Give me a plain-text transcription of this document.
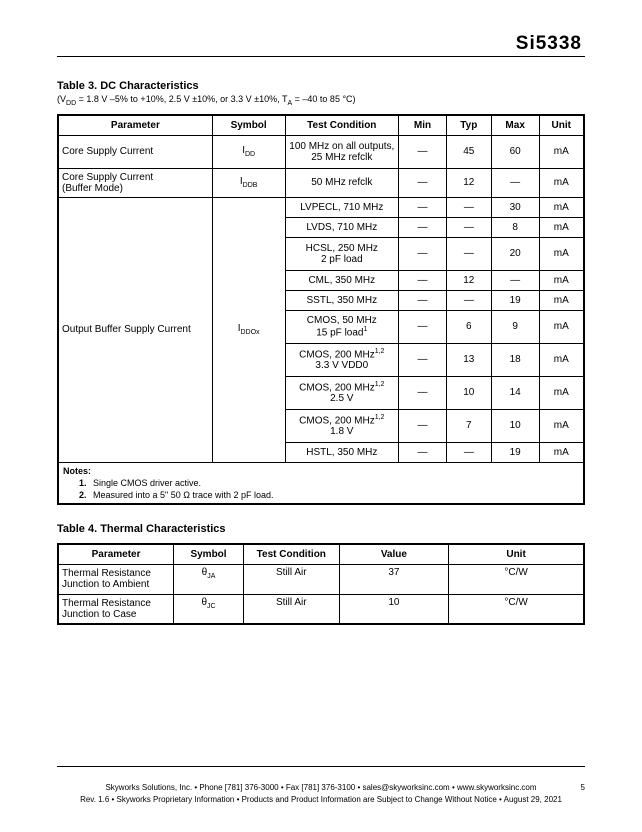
Si5338
Table 3. DC Characteristics
($V_{DD} = 1.8$ V –5% to +10%, 2.5 V ±10%, or 3.3 V ±10%, $T_A = -40$ to 85 °C)
Parameter	Symbol	Test Condition	Min	Typ	Max	Unit
Core Supply Current	$I_{DD}$	100 MHz on all outputs,
25 MHz refclk	—	45	60	mA

Core Supply Current
(Buffer Mode)	$I_{DDB}$	50 MHz refclk	—	12	—	mA
Output Buffer Supply Current	$I_{DDOx}$	LVPECL, 710 MHz	—	—	30	mA
		LVDS, 710 MHz	—	—	8	mA

		HCSL, 250 MHz
2 pF load	—	—	20	mA
		CML, 350 MHz	—	12	—	mA
		SSTL, 350 MHz	—	—	19	mA

		CMOS, 50 MHz
15 pF load$^1$	—	6	9	mA

		CMOS, 200 MHz$^{1,2}$
3.3 V VDD0	—	13	18	mA

		CMOS, 200 MHz$^{1,2}$
2.5 V	—	10	14	mA

		CMOS, 200 MHz$^{1,2}$
1.8 V	—	7	10	mA
		HSTL, 350 MHz	—	—	19	mA

Notes:
1. Single CMOS driver active.
2. Measured into a 5" 50 Ω trace with 2 pF load.						
Table 4. Thermal Characteristics
Parameter	Symbol	Test Condition	Value	Unit

Thermal Resistance
Junction to Ambient	$\theta_{JA}$	Still Air	37	°C/W

Thermal Resistance
Junction to Case	$\theta_{JC}$	Still Air	10	°C/W
Skyworks Solutions, Inc. • Phone [781] 376-3000 • Fax [781] 376-3100 • sales@skyworksinc.com • www.skyworksinc.com	5
Rev. 1.6 • Skyworks Proprietary Information • Products and Product Information are Subject to Change Without Notice • August 29, 2021
